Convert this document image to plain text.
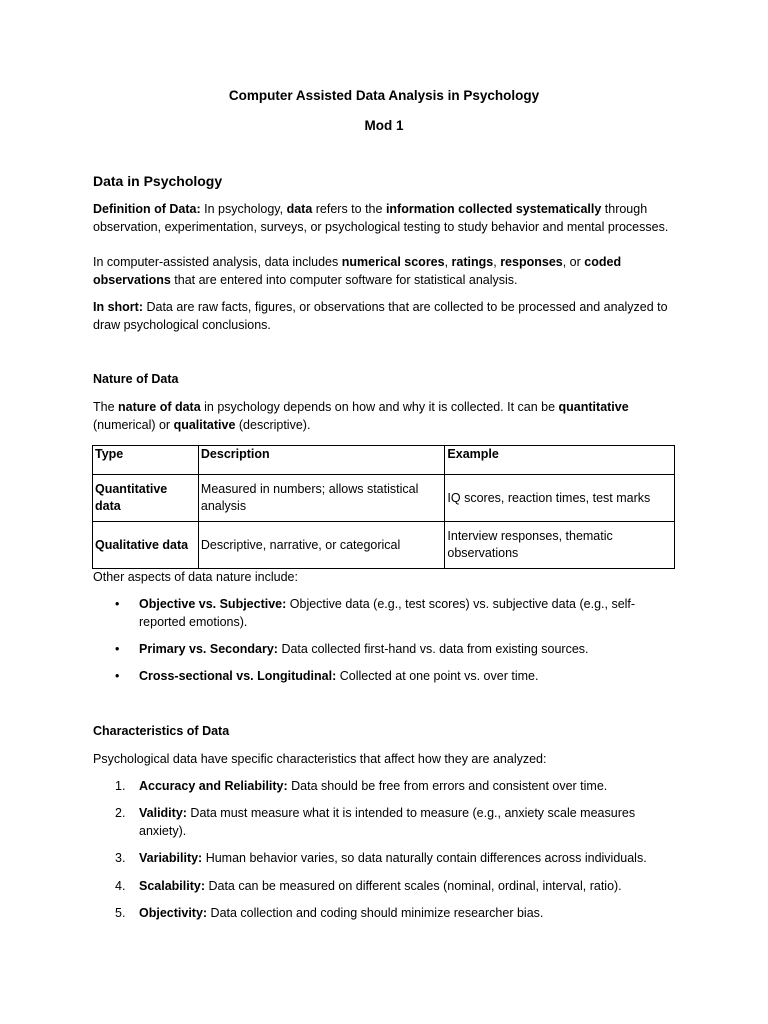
Computer Assisted Data Analysis in Psychology
Mod 1
Data in Psychology
Definition of Data: In psychology, data refers to the information collected systematically through observation, experimentation, surveys, or psychological testing to study behavior and mental processes.
In computer-assisted analysis, data includes numerical scores, ratings, responses, or coded observations that are entered into computer software for statistical analysis.
In short: Data are raw facts, figures, or observations that are collected to be processed and analyzed to draw psychological conclusions.
Nature of Data
The nature of data in psychology depends on how and why it is collected. It can be quantitative (numerical) or qualitative (descriptive).
Type	Description	Example
Quantitative data	Measured in numbers; allows statistical analysis	IQ scores, reaction times, test marks
Qualitative data	Descriptive, narrative, or categorical	Interview responses, thematic observations
Other aspects of data nature include:
• Objective vs. Subjective: Objective data (e.g., test scores) vs. subjective data (e.g., self-reported emotions).
• Primary vs. Secondary: Data collected first-hand vs. data from existing sources.
• Cross-sectional vs. Longitudinal: Collected at one point vs. over time.
Characteristics of Data
Psychological data have specific characteristics that affect how they are analyzed:
1. Accuracy and Reliability: Data should be free from errors and consistent over time.
2. Validity: Data must measure what it is intended to measure (e.g., anxiety scale measures anxiety).
3. Variability: Human behavior varies, so data naturally contain differences across individuals.
4. Scalability: Data can be measured on different scales (nominal, ordinal, interval, ratio).
5. Objectivity: Data collection and coding should minimize researcher bias.
